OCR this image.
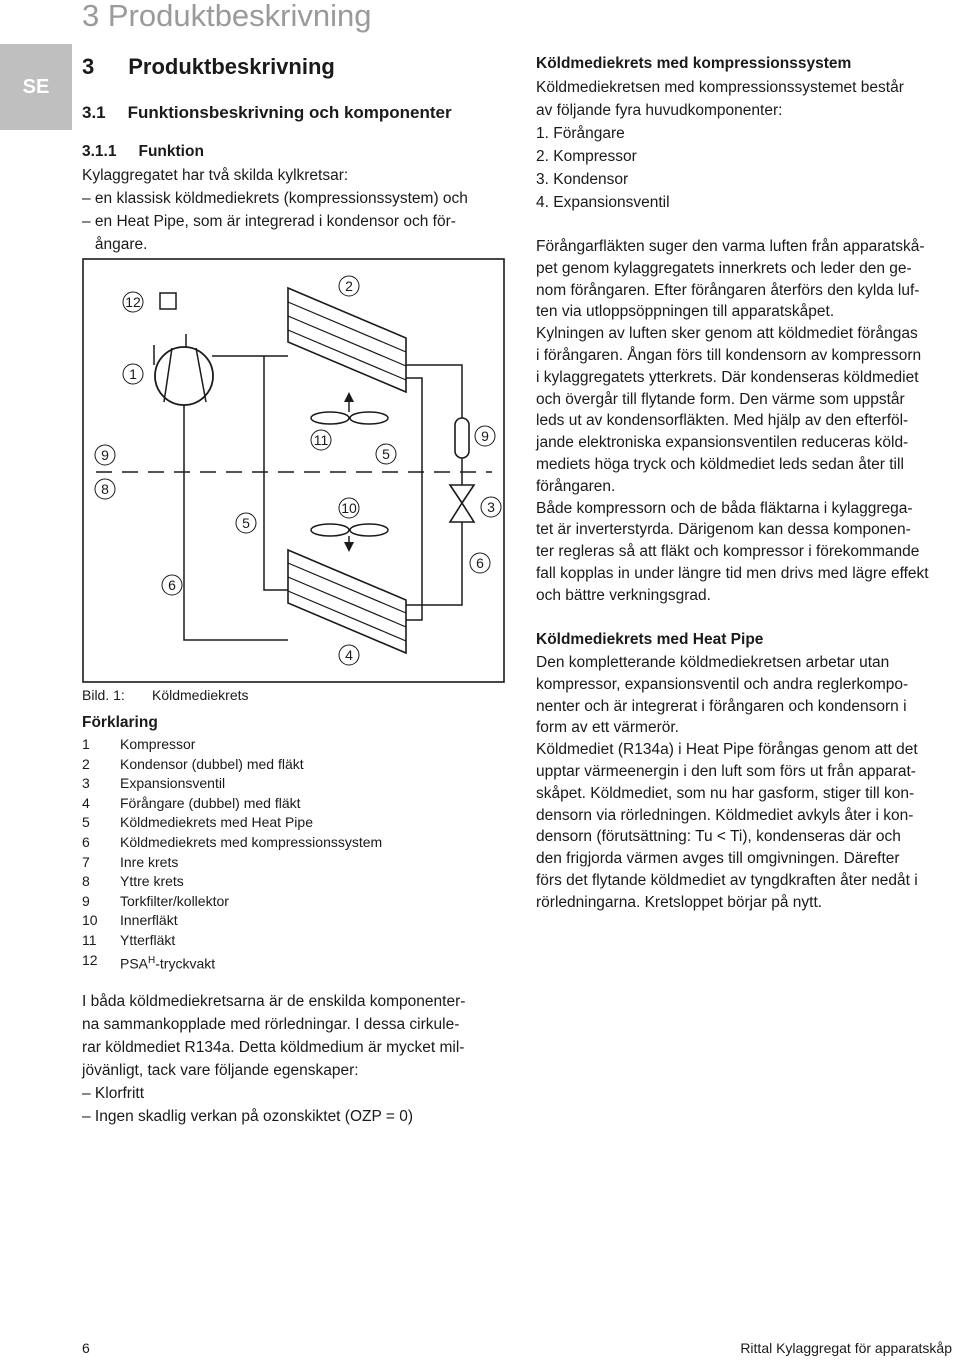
3 Produktbeskrivning
SE
3 Produktbeskrivning
3.1 Funktionsbeskrivning och komponenter
3.1.1 Funktion
Kylaggregatet har två skilda kylkretsar:
– en klassisk köldmediekrets (kompressionssystem) och
– en Heat Pipe, som är integrerad i kondensor och för-
ångare.
12
1
9
8
6
5
2
11
5
10
9
3
6
4
Bild. 1: Köldmediekrets
Förklaring
1	Kompressor
2	Kondensor (dubbel) med fläkt
3	Expansionsventil
4	Förångare (dubbel) med fläkt
5	Köldmediekrets med Heat Pipe
6	Köldmediekrets med kompressionssystem
7	Inre krets
8	Yttre krets
9	Torkfilter/kollektor
10	Innerfläkt
11	Ytterfläkt
12	$PSA^H$-tryckvakt
I båda köldmediekretsarna är de enskilda komponenter-
na sammankopplade med rörledningar. I dessa cirkule-
rar köldmediet R134a. Detta köldmedium är mycket mil-
jövänligt, tack vare följande egenskaper:
– Klorfritt
– Ingen skadlig verkan på ozonskiktet (OZP = 0)
Köldmediekrets med kompressionssystem
Köldmediekretsen med kompressionssystemet består
av följande fyra huvudkomponenter:
1. Förångare
2. Kompressor
3. Kondensor
4. Expansionsventil
Förångarfläkten suger den varma luften från apparatskå-
pet genom kylaggregatets innerkrets och leder den ge-
nom förångaren. Efter förångaren återförs den kylda luf-
ten via utloppsöppningen till apparatskåpet.
Kylningen av luften sker genom att köldmediet förångas
i förångaren. Ångan förs till kondensorn av kompressorn
i kylaggregatets ytterkrets. Där kondenseras köldmediet
och övergår till flytande form. Den värme som uppstår
leds ut av kondensorfläkten. Med hjälp av den efterföl-
jande elektroniska expansionsventilen reduceras köld-
mediets höga tryck och köldmediet leds sedan åter till
förångaren.
Både kompressorn och de båda fläktarna i kylaggrega-
tet är inverterstyrda. Därigenom kan dessa komponen-
ter regleras så att fläkt och kompressor i förekommande
fall kopplas in under längre tid men drivs med lägre effekt
och bättre verkningsgrad.
Köldmediekrets med Heat Pipe
Den kompletterande köldmediekretsen arbetar utan
kompressor, expansionsventil och andra reglerkompo-
nenter och är integrerat i förångaren och kondensorn i
form av ett värmerör.
Köldmediet (R134a) i Heat Pipe förångas genom att det
upptar värmeenergin i den luft som förs ut från apparat-
skåpet. Köldmediet, som nu har gasform, stiger till kon-
densorn via rörledningen. Köldmediet avkyls åter i kon-
densorn (förutsättning: Tu < Ti), kondenseras där och
den frigjorda värmen avges till omgivningen. Därefter
förs det flytande köldmediet av tyngdkraften åter nedåt i
rörledningarna. Kretsloppet börjar på nytt.
6	Rittal Kylaggregat för apparatskåp
